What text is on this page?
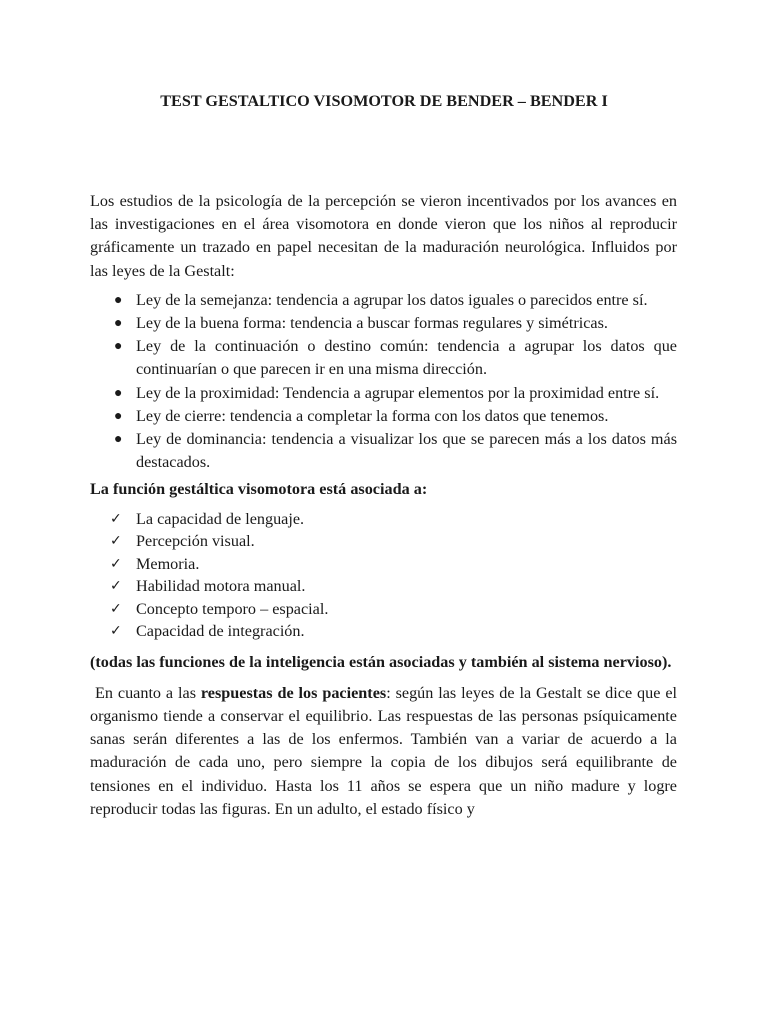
TEST GESTALTICO VISOMOTOR DE BENDER – BENDER I

Los estudios de la psicología de la percepción se vieron incentivados por los avances en las investigaciones en el área visomotora en donde vieron que los niños al reproducir gráficamente un trazado en papel necesitan de la maduración neurológica. Influidos por las leyes de la Gestalt:

● Ley de la semejanza: tendencia a agrupar los datos iguales o parecidos entre sí.
● Ley de la buena forma: tendencia a buscar formas regulares y simétricas.
● Ley de la continuación o destino común: tendencia a agrupar los datos que continuarían o que parecen ir en una misma dirección.
● Ley de la proximidad: Tendencia a agrupar elementos por la proximidad entre sí.
● Ley de cierre: tendencia a completar la forma con los datos que tenemos.
● Ley de dominancia: tendencia a visualizar los que se parecen más a los datos más destacados.

La función gestáltica visomotora está asociada a:

✓ La capacidad de lenguaje.
✓ Percepción visual.
✓ Memoria.
✓ Habilidad motora manual.
✓ Concepto temporo – espacial.
✓ Capacidad de integración.

(todas las funciones de la inteligencia están asociadas y también al sistema nervioso).

En cuanto a las respuestas de los pacientes: según las leyes de la Gestalt se dice que el organismo tiende a conservar el equilibrio. Las respuestas de las personas psíquicamente sanas serán diferentes a las de los enfermos. También van a variar de acuerdo a la maduración de cada uno, pero siempre la copia de los dibujos será equilibrante de tensiones en el individuo. Hasta los 11 años se espera que un niño madure y logre reproducir todas las figuras. En un adulto, el estado físico y
